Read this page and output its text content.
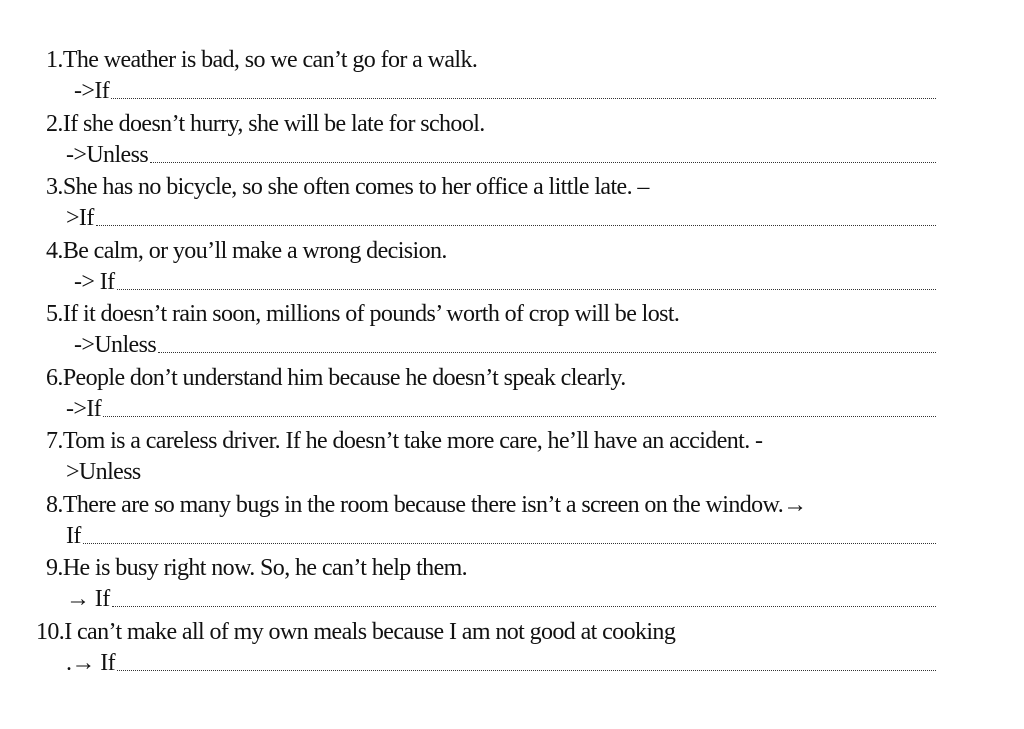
1.The weather is bad, so we can’t go for a walk.
->If
2.If she doesn’t hurry, she will be late for school.
->Unless
3.She has no bicycle, so she often comes to her office a little late. –
>If
4.Be calm, or you’ll make a wrong decision.
-> If
5.If it doesn’t rain soon, millions of pounds’ worth of crop will be lost.
->Unless
6.People don’t understand him because he doesn’t speak clearly.
->If
7.Tom is a careless driver. If he doesn’t take more care, he’ll have an accident. -
>Unless
8.There are so many bugs in the room because there isn’t a screen on the window.→
If
9.He is busy right now. So, he can’t help them.
→ If
10.I can’t make all of my own meals because I am not good at cooking
.→ If
